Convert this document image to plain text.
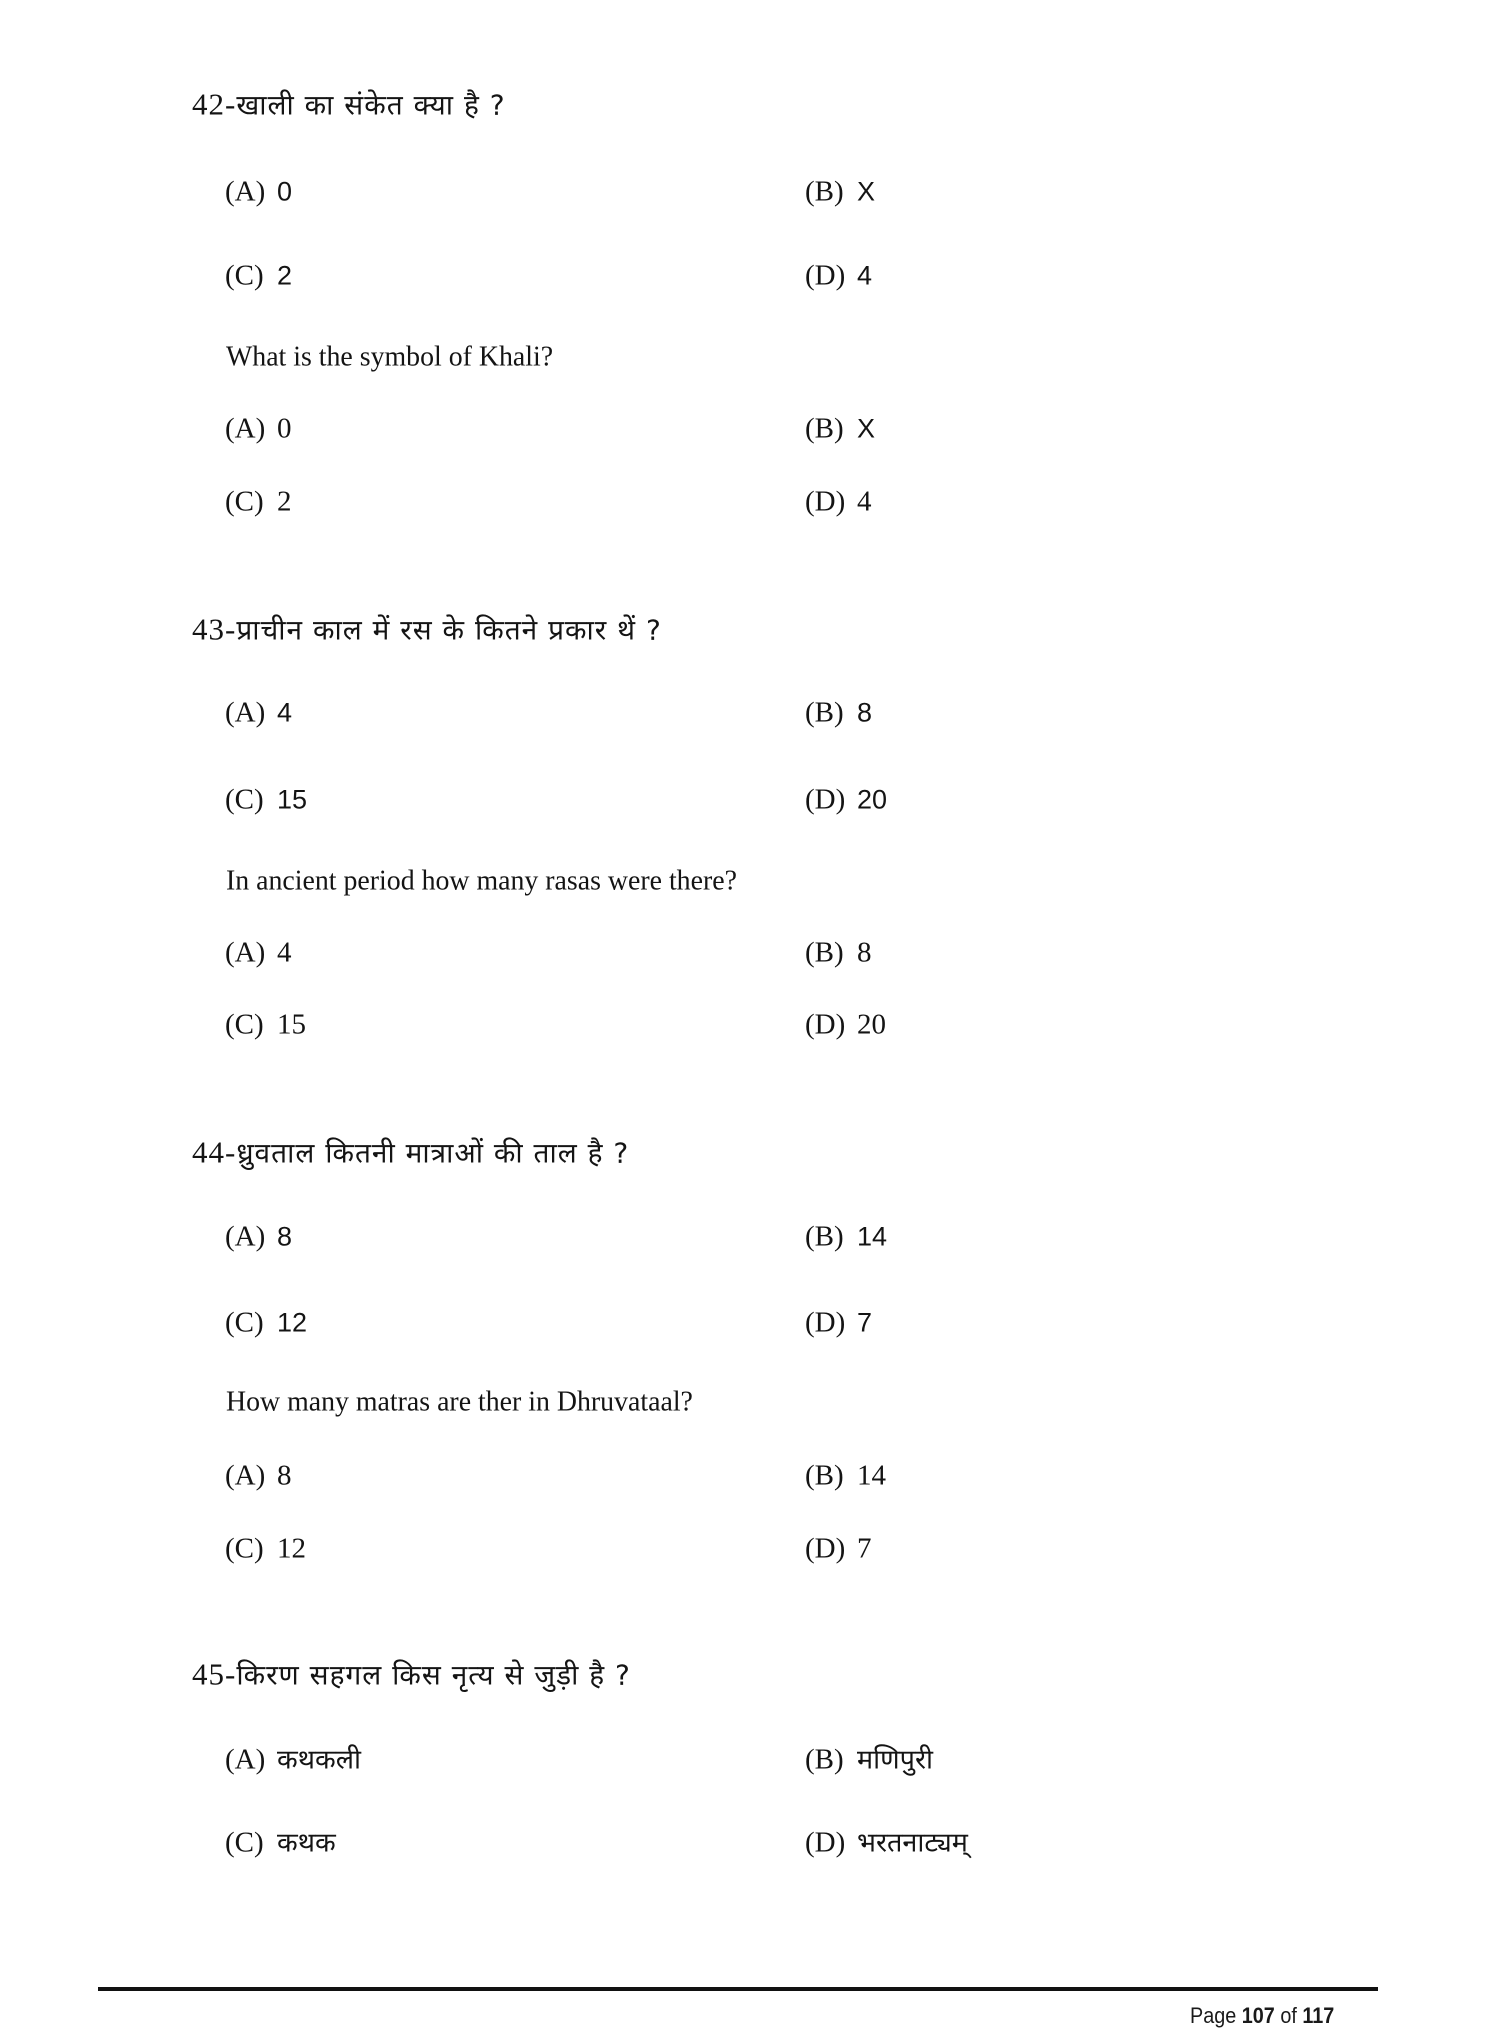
42-खाली का संकेत क्या है ?
(A) 0	(B) X
(C) 2	(D) 4
What is the symbol of Khali?
(A) 0	(B) X
(C) 2	(D) 4
43-प्राचीन काल में रस के कितने प्रकार थें ?
(A) 4	(B) 8
(C) 15	(D) 20
In ancient period how many rasas were there?
(A) 4	(B) 8
(C) 15	(D) 20
44-ध्रुवताल कितनी मात्राओं की ताल है ?
(A) 8	(B) 14
(C) 12	(D) 7
How many matras are ther in Dhruvataal?
(A) 8	(B) 14
(C) 12	(D) 7
45-किरण सहगल किस नृत्य से जुड़ी है ?
(A) कथकली	(B) मणिपुरी
(C) कथक	(D) भरतनाट्यम्
Page 107 of 117
